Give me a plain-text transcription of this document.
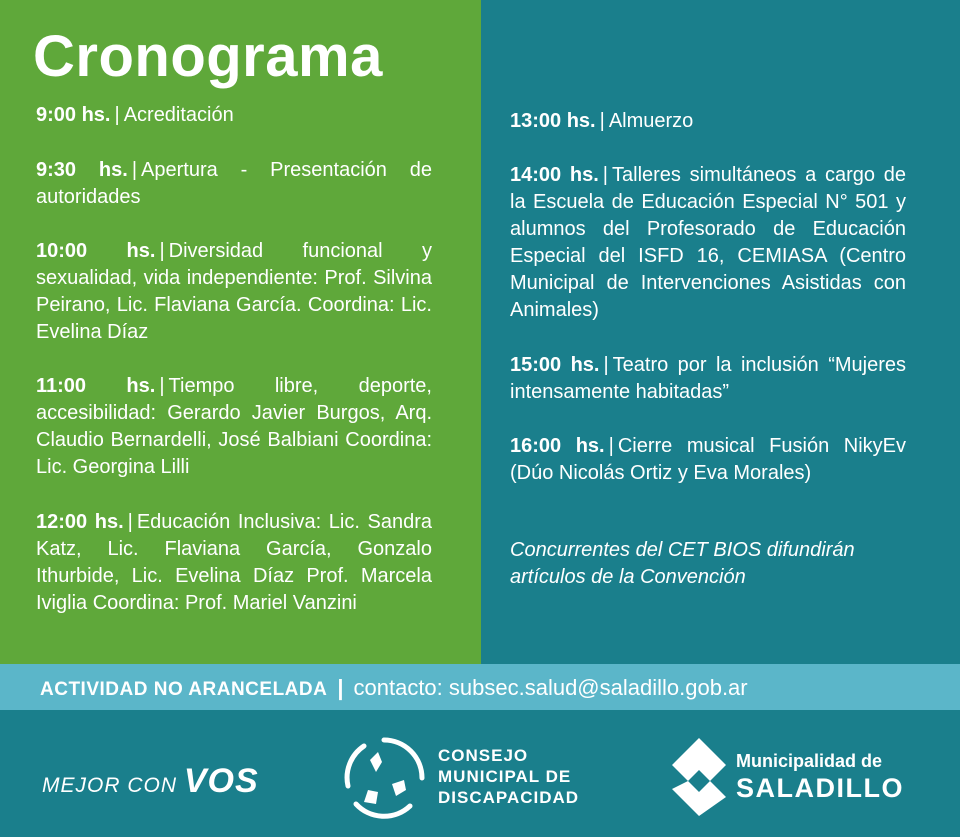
Cronograma
9:00 hs. | Acreditación
9:30 hs. | Apertura - Presentación de autoridades
10:00 hs. | Diversidad funcional y sexualidad, vida independiente: Prof. Silvina Peirano, Lic. Flaviana García. Coordina: Lic. Evelina Díaz
11:00 hs. | Tiempo libre, deporte, accesibilidad: Gerardo Javier Burgos, Arq. Claudio Bernardelli, José Balbiani Coordina: Lic. Georgina Lilli
12:00 hs. | Educación Inclusiva: Lic. Sandra Katz, Lic. Flaviana García, Gonzalo Ithurbide, Lic. Evelina Díaz Prof. Marcela Iviglia Coordina: Prof. Mariel Vanzini
13:00 hs. | Almuerzo
14:00 hs. | Talleres simultáneos a cargo de la Escuela de Educación Especial N° 501 y alumnos del Profesorado de Educación Especial del ISFD 16, CEMIASA (Centro Municipal de Intervenciones Asistidas con Animales)
15:00 hs. | Teatro por la inclusión “Mujeres intensamente habitadas”
16:00 hs. | Cierre musical Fusión NikyEv (Dúo Nicolás Ortiz y Eva Morales)
Concurrentes del CET BIOS difundirán artículos de la Convención
ACTIVIDAD NO ARANCELADA | contacto: subsec.salud@saladillo.gob.ar
MEJOR CON VOS
CONSEJO
MUNICIPAL DE
DISCAPACIDAD
Municipalidad de
SALADILLO
